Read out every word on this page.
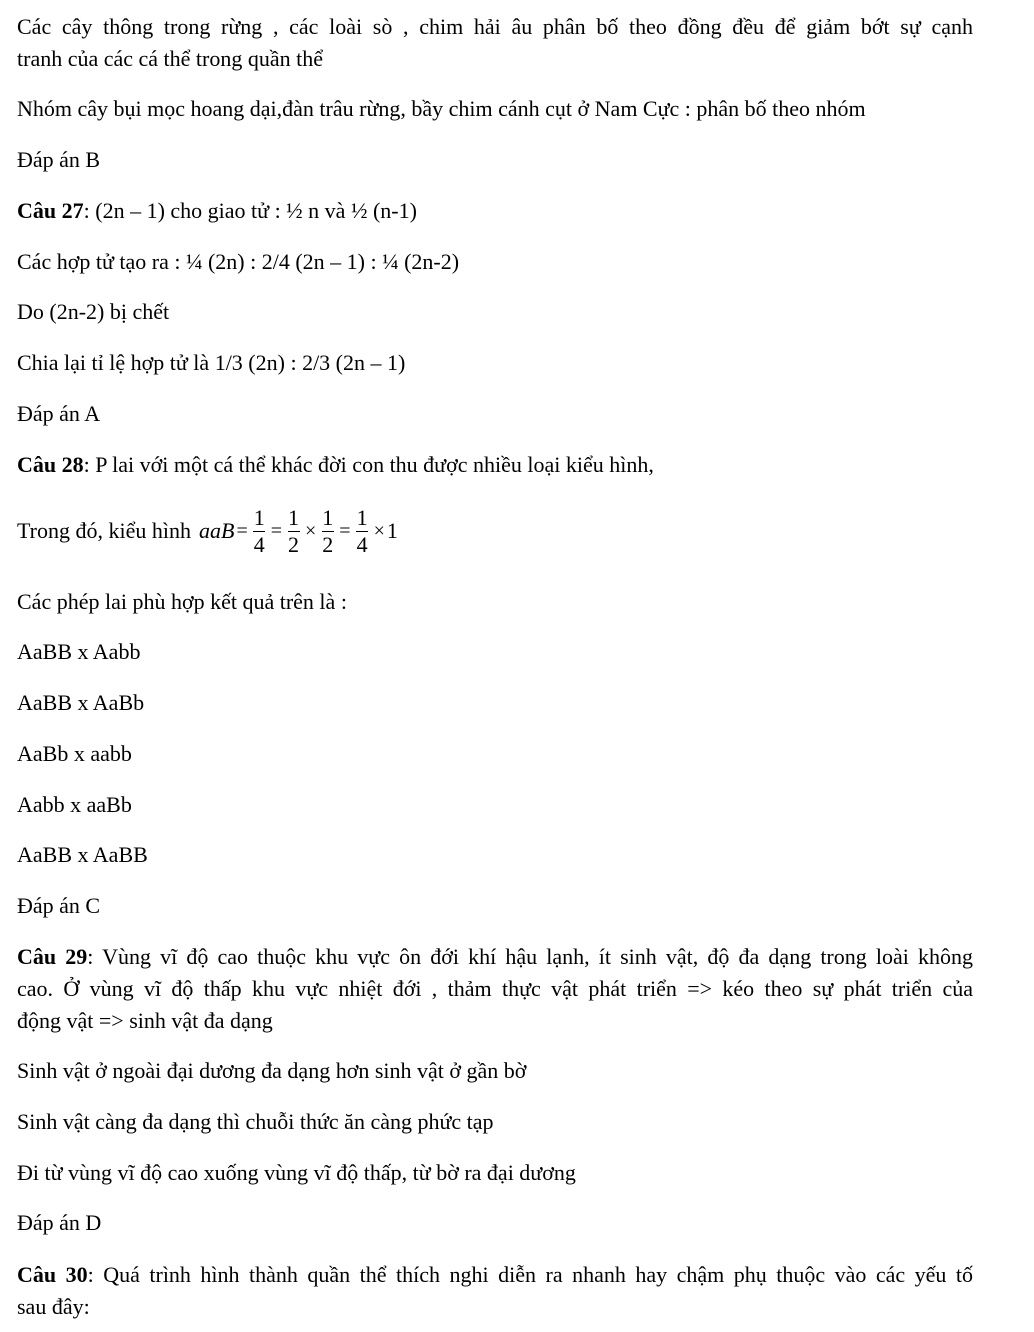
Các cây thông trong rừng , các loài sò , chim hải âu phân bố theo đồng đều để giảm bớt sự cạnh
tranh của các cá thể trong quần thể
Nhóm cây bụi mọc hoang dại,đàn trâu rừng, bầy chim cánh cụt ở Nam Cực : phân bố theo nhóm
Đáp án B
Câu 27: (2n – 1) cho giao tử : ½ n và ½ (n-1)
Các hợp tử tạo ra : ¼ (2n) : 2/4 (2n – 1) : ¼ (2n-2)
Do (2n-2) bị chết
Chia lại tỉ lệ hợp tử là 1/3 (2n) : 2/3 (2n – 1)
Đáp án A
Câu 28: P lai với một cá thể khác đời con thu được nhiều loại kiểu hình,
Trong đó, kiểu hình aaB = $\frac{1}{4} = \frac{1}{2} \times \frac{1}{2} = \frac{1}{4} \times 1$
Các phép lai phù hợp kết quả trên là :
AaBB x Aabb
AaBB x AaBb
AaBb x aabb
Aabb x aaBb
AaBB x AaBB
Đáp án C
Câu 29: Vùng vĩ độ cao thuộc khu vực ôn đới khí hậu lạnh, ít sinh vật, độ đa dạng trong loài không
cao. Ở vùng vĩ độ thấp khu vực nhiệt đới , thảm thực vật phát triển => kéo theo sự phát triển của
động vật => sinh vật đa dạng
Sinh vật ở ngoài đại dương đa dạng hơn sinh vật ở gần bờ
Sinh vật càng đa dạng thì chuỗi thức ăn càng phức tạp
Đi từ vùng vĩ độ cao xuống vùng vĩ độ thấp, từ bờ ra đại dương
Đáp án D
Câu 30: Quá trình hình thành quần thể thích nghi diễn ra nhanh hay chậm phụ thuộc vào các yếu tố
sau đây:
